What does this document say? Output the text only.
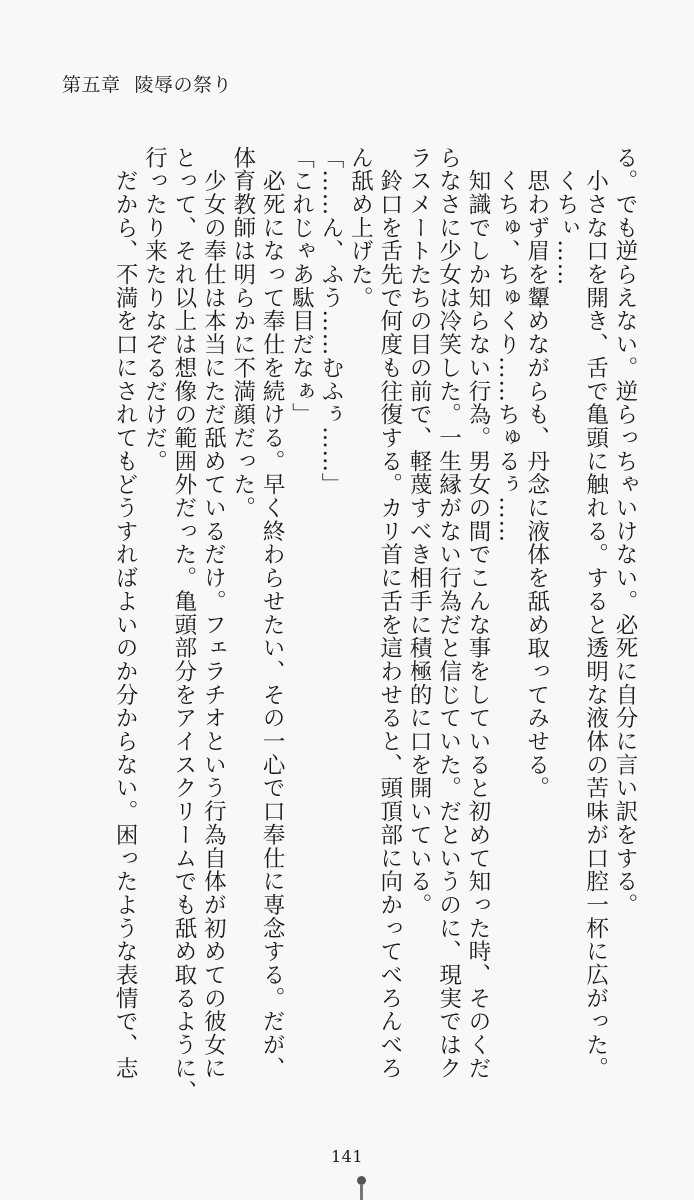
第五章 陵辱の祭り
る。でも逆らえない。逆らっちゃいけない。必死に自分に言い訳をする。
　小さな口を開き、舌で亀頭に触れる。すると透明な液体の苦味が口腔一杯に広がった。
　くちぃ……
　思わず眉を顰めながらも、丹念に液体を舐め取ってみせる。
　くちゅ、ちゅくり……ちゅるぅ……
　知識でしか知らない行為。男女の間でこんな事をしていると初めて知った時、そのくだ
らなさに少女は冷笑した。一生縁がない行為だと信じていた。だというのに、現実ではク
ラスメートたちの目の前で、軽蔑すべき相手に積極的に口を開いている。
　鈴口を舌先で何度も往復する。カリ首に舌を這わせると、頭頂部に向かってべろんべろ
ん舐め上げた。
「……ん、ふう……むふぅ……」
「これじゃあ駄目だなぁ」
　必死になって奉仕を続ける。早く終わらせたい、その一心で口奉仕に専念する。だが、
体育教師は明らかに不満顔だった。
　少女の奉仕は本当にただ舐めているだけ。フェラチオという行為自体が初めての彼女に
とって、それ以上は想像の範囲外だった。亀頭部分をアイスクリームでも舐め取るように、
行ったり来たりなぞるだけだ。
　だから、不満を口にされてもどうすればよいのか分からない。困ったような表情で、志
141
